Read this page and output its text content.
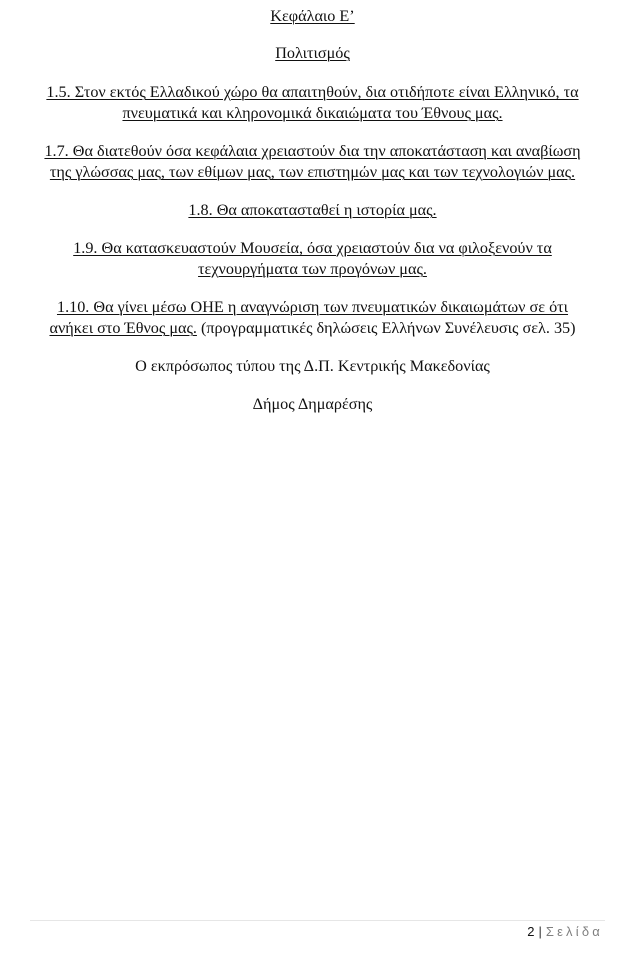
Κεφάλαιο Ε’
Πολιτισμός
1.5. Στον εκτός Ελλαδικού χώρο θα απαιτηθούν, δια οτιδήποτε είναι Ελληνικό, τα
πνευματικά και κληρονομικά δικαιώματα του Έθνους μας.
1.7. Θα διατεθούν όσα κεφάλαια χρειαστούν δια την αποκατάσταση και αναβίωση
της γλώσσας μας, των εθίμων μας, των επιστημών μας και των τεχνολογιών μας.
1.8. Θα αποκατασταθεί η ιστορία μας.
1.9. Θα κατασκευαστούν Μουσεία, όσα χρειαστούν δια να φιλοξενούν τα
τεχνουργήματα των προγόνων μας.
1.10. Θα γίνει μέσω ΟΗΕ η αναγνώριση των πνευματικών δικαιωμάτων σε ότι
ανήκει στο Έθνος μας. (προγραμματικές δηλώσεις Ελλήνων Συνέλευσις σελ. 35)
Ο εκπρόσωπος τύπου της Δ.Π. Κεντρικής Μακεδονίας
Δήμος Δημαρέσης
2 | Σελίδα
